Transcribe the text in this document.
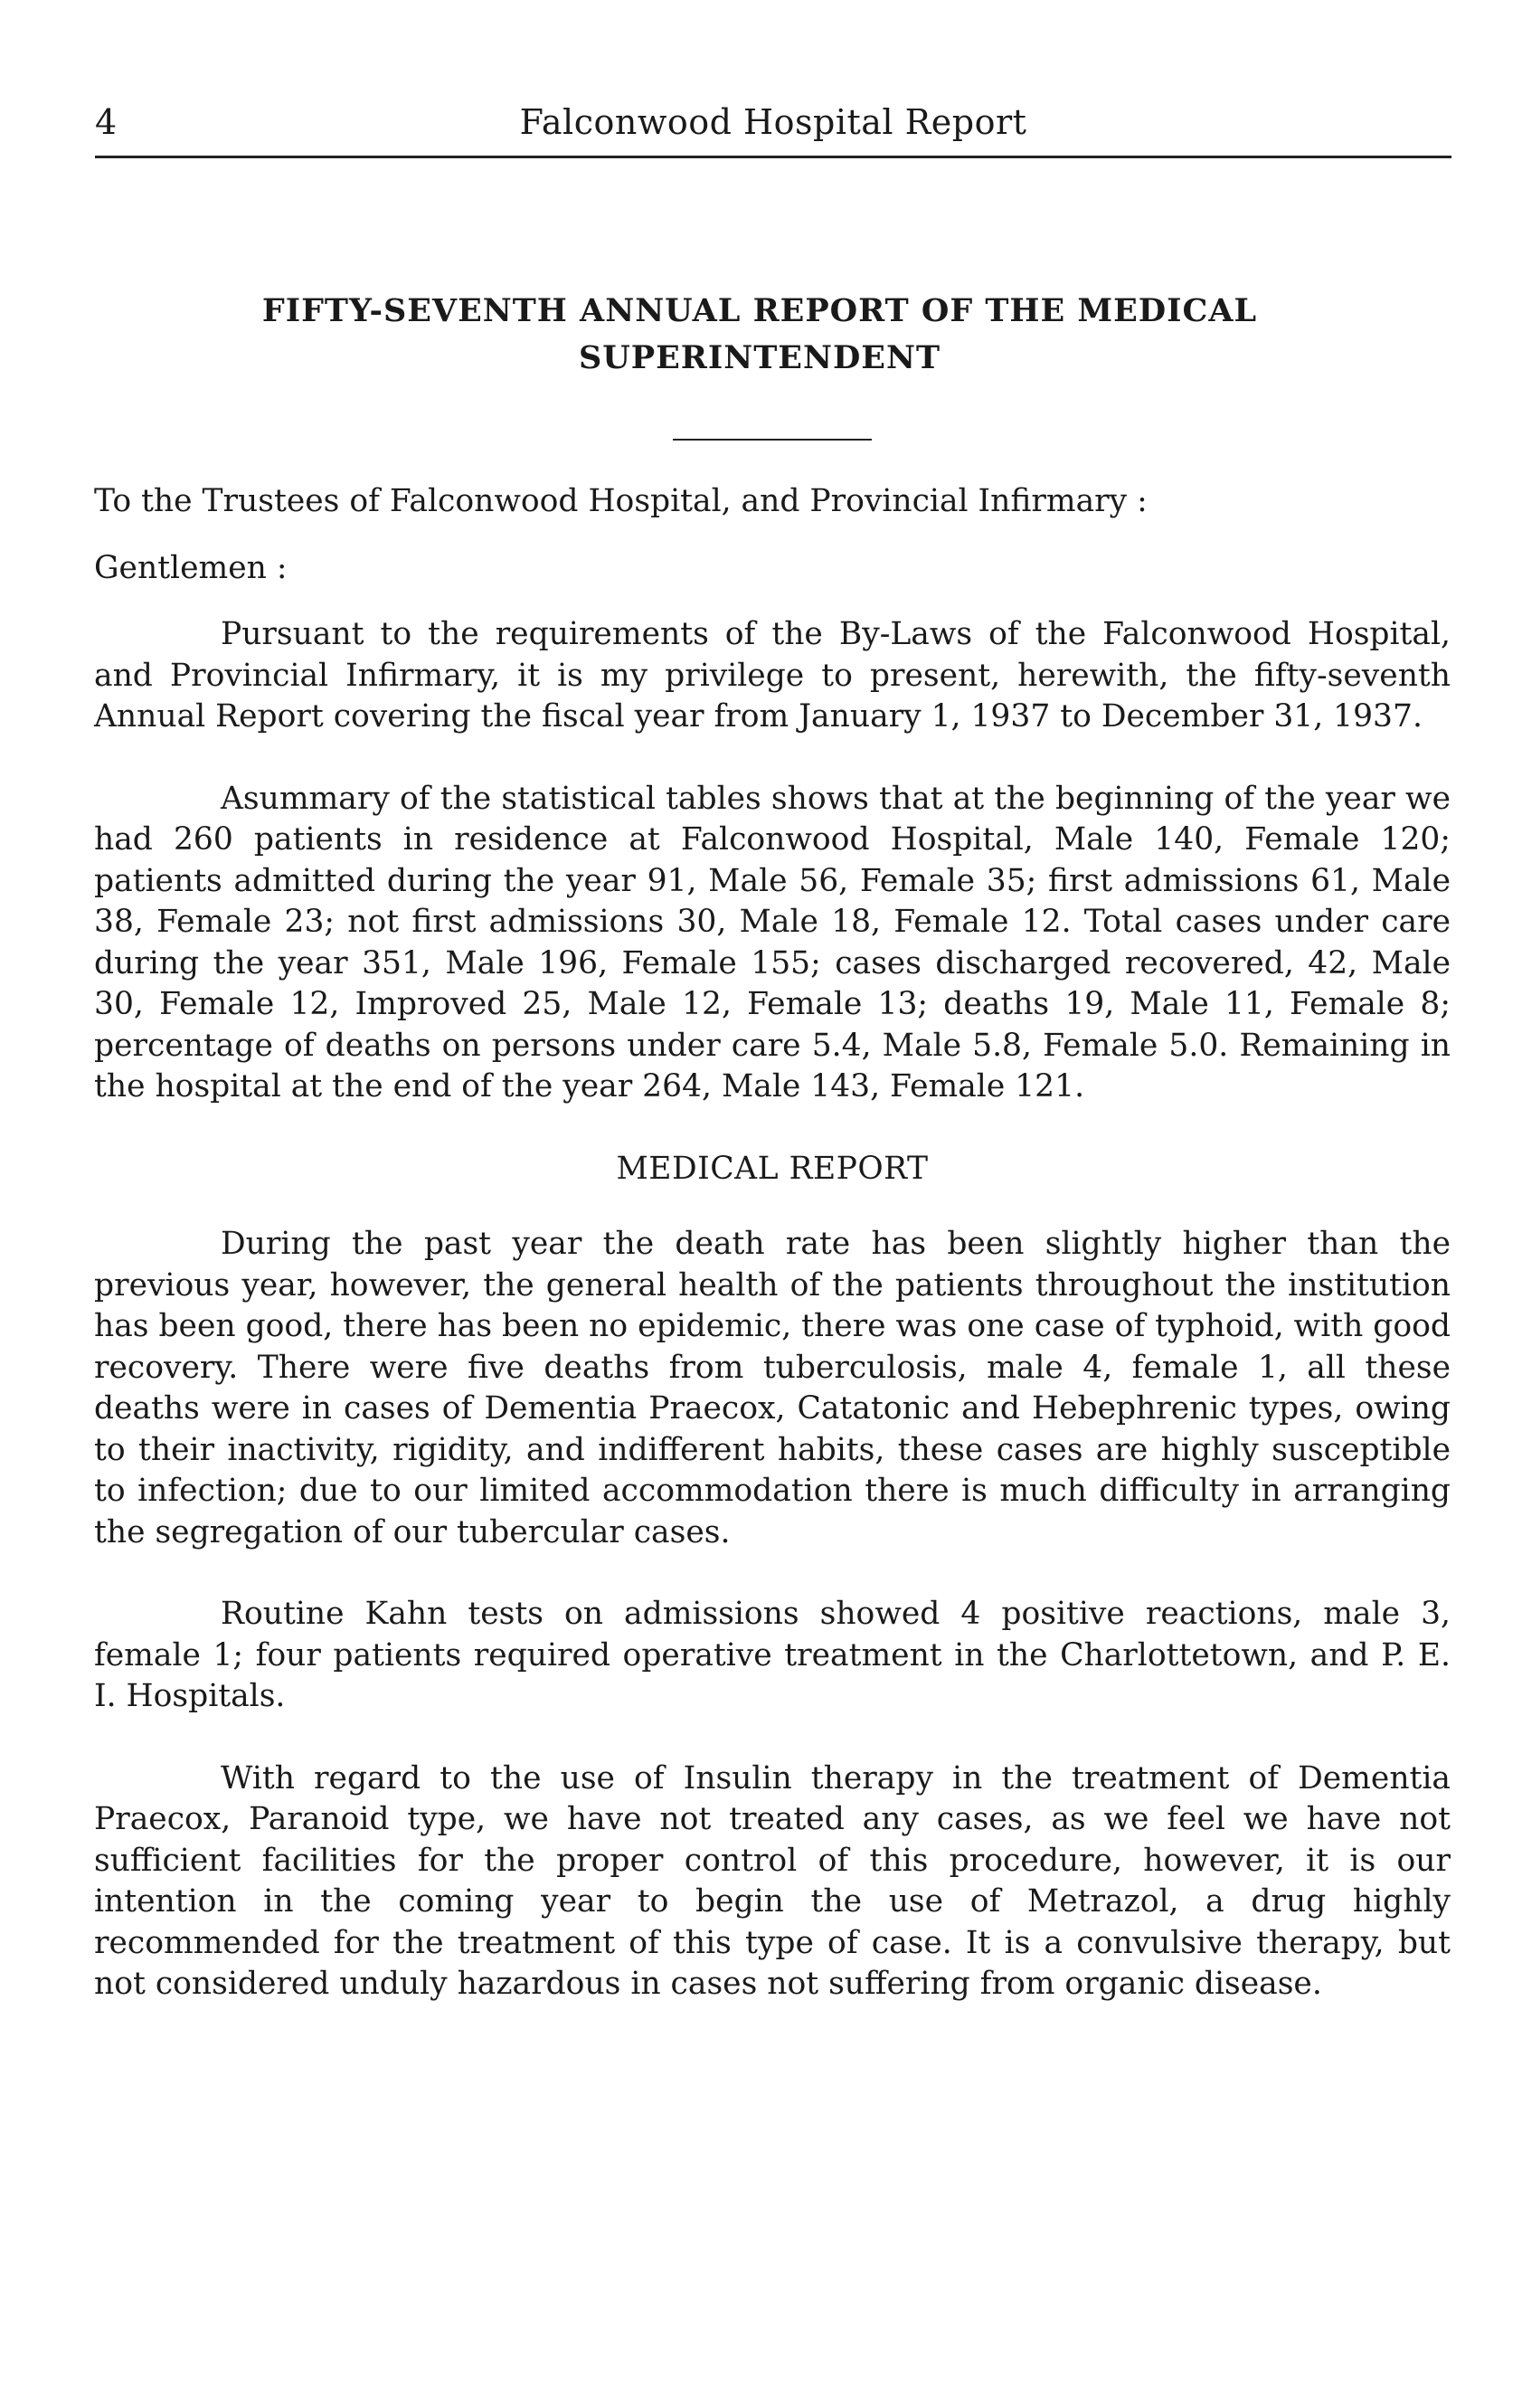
4	Falconwood Hospital Report
FIFTY-SEVENTH ANNUAL REPORT OF THE MEDICAL SUPERINTENDENT

To the Trustees of Falconwood Hospital, and Provincial Infirmary :

Gentlemen :

Pursuant to the requirements of the By-Laws of the Falconwood Hospital, and Provincial Infirmary, it is my privilege to present, herewith, the fifty-seventh Annual Report covering the fiscal year from January 1, 1937 to December 31, 1937.

Asummary of the statistical tables shows that at the beginning of the year we had 260 patients in residence at Falconwood Hospital, Male 140, Female 120; patients admitted during the year 91, Male 56, Female 35; first admissions 61, Male 38, Female 23; not first admissions 30, Male 18, Female 12. Total cases under care during the year 351, Male 196, Female 155; cases discharged recovered, 42, Male 30, Female 12, Improved 25, Male 12, Female 13; deaths 19, Male 11, Female 8; percentage of deaths on persons under care 5.4, Male 5.8, Female 5.0. Remaining in the hospital at the end of the year 264, Male 143, Female 121.

MEDICAL REPORT

During the past year the death rate has been slightly higher than the previous year, however, the general health of the patients throughout the institution has been good, there has been no epidemic, there was one case of typhoid, with good recovery. There were five deaths from tuberculosis, male 4, female 1, all these deaths were in cases of Dementia Praecox, Catatonic and Hebephrenic types, owing to their inactivity, rigidity, and indifferent habits, these cases are highly susceptible to infection; due to our limited accommodation there is much difficulty in arranging the segregation of our tubercular cases.

Routine Kahn tests on admissions showed 4 positive reactions, male 3, female 1; four patients required operative treatment in the Charlottetown, and P. E. I. Hospitals.

With regard to the use of Insulin therapy in the treatment of Dementia Praecox, Paranoid type, we have not treated any cases, as we feel we have not sufficient facilities for the proper control of this procedure, however, it is our intention in the coming year to begin the use of Metrazol, a drug highly recommended for the treatment of this type of case. It is a convulsive therapy, but not considered unduly hazardous in cases not suffering from organic disease.
